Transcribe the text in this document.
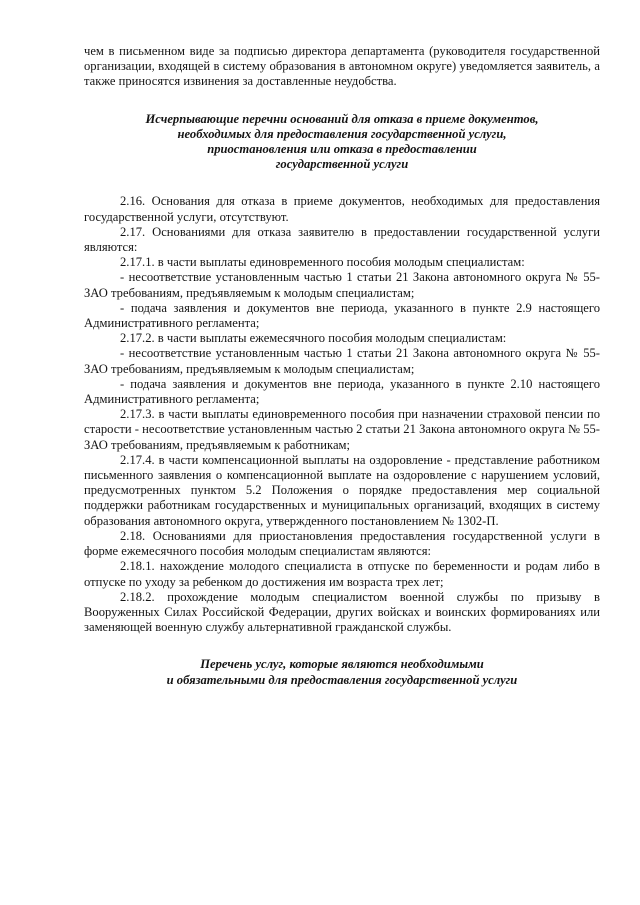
чем в письменном виде за подписью директора департамента (руководителя государственной организации, входящей в систему образования в автономном округе) уведомляется заявитель, а также приносятся извинения за доставленные неудобства.

Исчерпывающие перечни оснований для отказа в приеме документов,
необходимых для предоставления государственной услуги,
приостановления или отказа в предоставлении
государственной услуги

2.16. Основания для отказа в приеме документов, необходимых для предоставления государственной услуги, отсутствуют.

2.17. Основаниями для отказа заявителю в предоставлении государственной услуги являются:

2.17.1. в части выплаты единовременного пособия молодым специалистам:

- несоответствие установленным частью 1 статьи 21 Закона автономного округа № 55-ЗАО требованиям, предъявляемым к молодым специалистам;

- подача заявления и документов вне периода, указанного в пункте 2.9 настоящего Административного регламента;

2.17.2. в части выплаты ежемесячного пособия молодым специалистам:

- несоответствие установленным частью 1 статьи 21 Закона автономного округа № 55-ЗАО требованиям, предъявляемым к молодым специалистам;

- подача заявления и документов вне периода, указанного в пункте 2.10 настоящего Административного регламента;

2.17.3. в части выплаты единовременного пособия при назначении страховой пенсии по старости - несоответствие установленным частью 2 статьи 21 Закона автономного округа № 55-ЗАО требованиям, предъявляемым к работникам;

2.17.4. в части компенсационной выплаты на оздоровление - представление работником письменного заявления о компенсационной выплате на оздоровление с нарушением условий, предусмотренных пунктом 5.2 Положения о порядке предоставления мер социальной поддержки работникам государственных и муниципальных организаций, входящих в систему образования автономного округа, утвержденного постановлением № 1302-П.

2.18. Основаниями для приостановления предоставления государственной услуги в форме ежемесячного пособия молодым специалистам являются:

2.18.1. нахождение молодого специалиста в отпуске по беременности и родам либо в отпуске по уходу за ребенком до достижения им возраста трех лет;

2.18.2. прохождение молодым специалистом военной службы по призыву в Вооруженных Силах Российской Федерации, других войсках и воинских формированиях или заменяющей военную службу альтернативной гражданской службы.

Перечень услуг, которые являются необходимыми
и обязательными для предоставления государственной услуги
